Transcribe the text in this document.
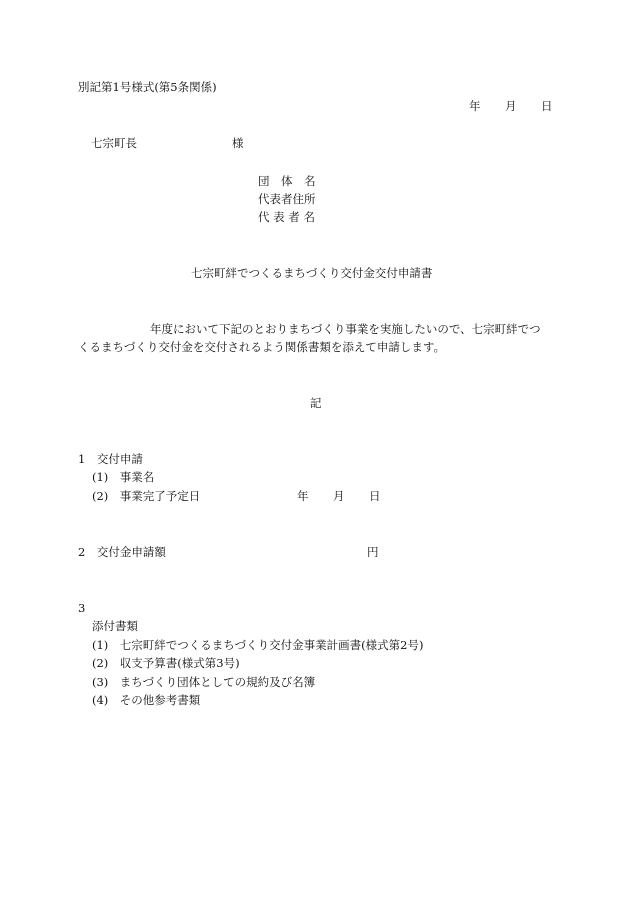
別記第1号様式(第5条関係)
年 月 日
七宗町長	様
団　体　名
代表者住所
代 表 者 名
七宗町絆でつくるまちづくり交付金交付申請書
年度において下記のとおりまちづくり事業を実施したいので、七宗町絆でつ
くるまちづくり交付金を交付されるよう関係書類を添えて申請します。
記
1　交付申請
(1)　事業名
(2)　事業完了予定日	年 月 日
2　交付金申請額	円
3
添付書類
(1)　七宗町絆でつくるまちづくり交付金事業計画書(様式第2号)
(2)　収支予算書(様式第3号)
(3)　まちづくり団体としての規約及び名簿
(4)　その他参考書類
